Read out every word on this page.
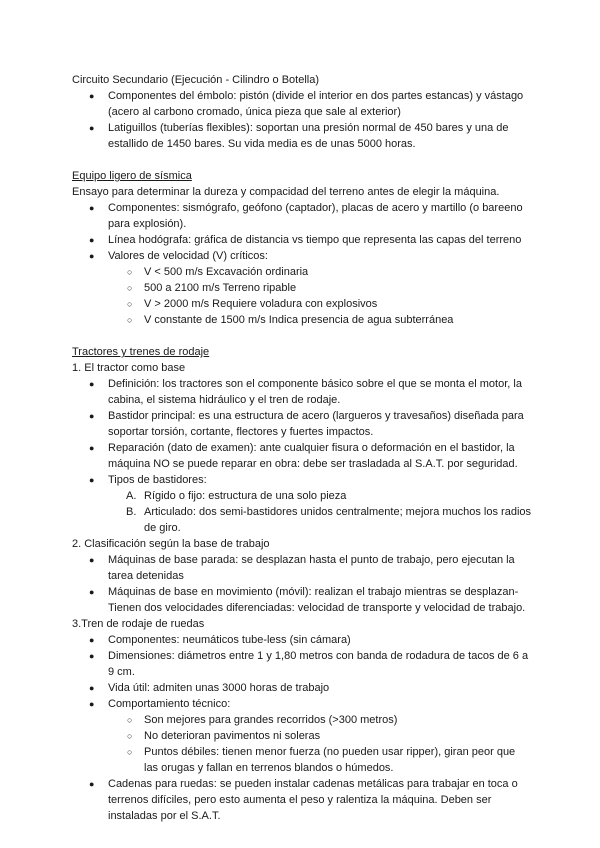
Circuito Secundario (Ejecución - Cilindro o Botella)

●	Componentes del émbolo: pistón (divide el interior en dos partes estancas) y vástago (acero al carbono cromado, única pieza que sale al exterior)
●	Latiguillos (tuberías flexibles): soportan una presión normal de 450 bares y una de estallido de 1450 bares. Su vida media es de unas 5000 horas.

Equipo ligero de sísmica

Ensayo para determinar la dureza y compacidad del terreno antes de elegir la máquina.

●	Componentes: sismógrafo, geófono (captador), placas de acero y martillo (o bareeno para explosión).
●	Línea hodógrafa: gráfica de distancia vs tiempo que representa las capas del terreno
●	Valores de velocidad (V) críticos:
○ V < 500 m/s Excavación ordinaria
○ 500 a 2100 m/s Terreno ripable
○ V > 2000 m/s Requiere voladura con explosivos
○ V constante de 1500 m/s Indica presencia de agua subterránea

Tractores y trenes de rodaje

1. El tractor como base

●	Definición: los tractores son el componente básico sobre el que se monta el motor, la cabina, el sistema hidráulico y el tren de rodaje.
●	Bastidor principal: es una estructura de acero (largueros y travesaños) diseñada para soportar torsión, cortante, flectores y fuertes impactos.
●	Reparación (dato de examen): ante cualquier fisura o deformación en el bastidor, la máquina NO se puede reparar en obra: debe ser trasladada al S.A.T. por seguridad.
●	Tipos de bastidores:
A. Rígido o fijo: estructura de una solo pieza
B. Articulado: dos semi-bastidores unidos centralmente; mejora muchos los radios de giro.

2. Clasificación según la base de trabajo

●	Máquinas de base parada: se desplazan hasta el punto de trabajo, pero ejecutan la tarea detenidas
●	Máquinas de base en movimiento (móvil): realizan el trabajo mientras se desplazan- Tienen dos velocidades diferenciadas: velocidad de transporte y velocidad de trabajo.

3.Tren de rodaje de ruedas

●	Componentes: neumáticos tube-less (sin cámara)
●	Dimensiones: diámetros entre 1 y 1,80 metros con banda de rodadura de tacos de 6 a 9 cm.
●	Vida útil: admiten unas 3000 horas de trabajo
●	Comportamiento técnico:
○ Son mejores para grandes recorridos (>300 metros)
○ No deterioran pavimentos ni soleras
○ Puntos débiles: tienen menor fuerza (no pueden usar ripper), giran peor que las orugas y fallan en terrenos blandos o húmedos.
●	Cadenas para ruedas: se pueden instalar cadenas metálicas para trabajar en toca o terrenos difíciles, pero esto aumenta el peso y ralentiza la máquina. Deben ser instaladas por el S.A.T.
